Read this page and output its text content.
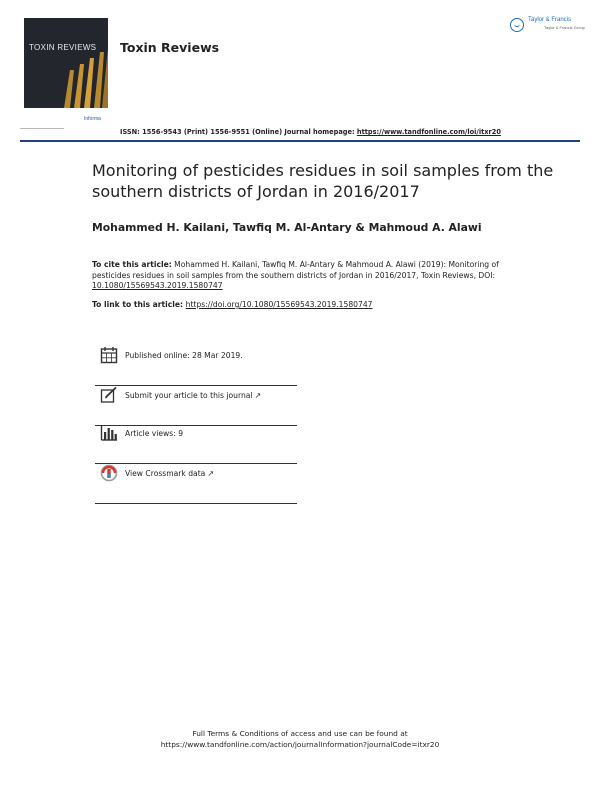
TOXIN REVIEWS Toxin Reviews
Taylor & Francis
Taylor & Francis Group
Informa
ISSN: 1556-9543 (Print) 1556-9551 (Online) Journal homepage: https://www.tandfonline.com/loi/itxr20
Monitoring of pesticides residues in soil samples from the southern districts of Jordan in 2016/2017
Mohammed H. Kailani, Tawfiq M. Al-Antary & Mahmoud A. Alawi
To cite this article: Mohammed H. Kailani, Tawfiq M. Al-Antary & Mahmoud A. Alawi (2019): Monitoring of pesticides residues in soil samples from the southern districts of Jordan in 2016/2017, Toxin Reviews, DOI: 10.1080/15569543.2019.1580747
To link to this article: https://doi.org/10.1080/15569543.2019.1580747
Published online: 28 Mar 2019.
Submit your article to this journal ↗
Article views: 9
View Crossmark data ↗
Full Terms & Conditions of access and use can be found at
https://www.tandfonline.com/action/journalInformation?journalCode=itxr20
